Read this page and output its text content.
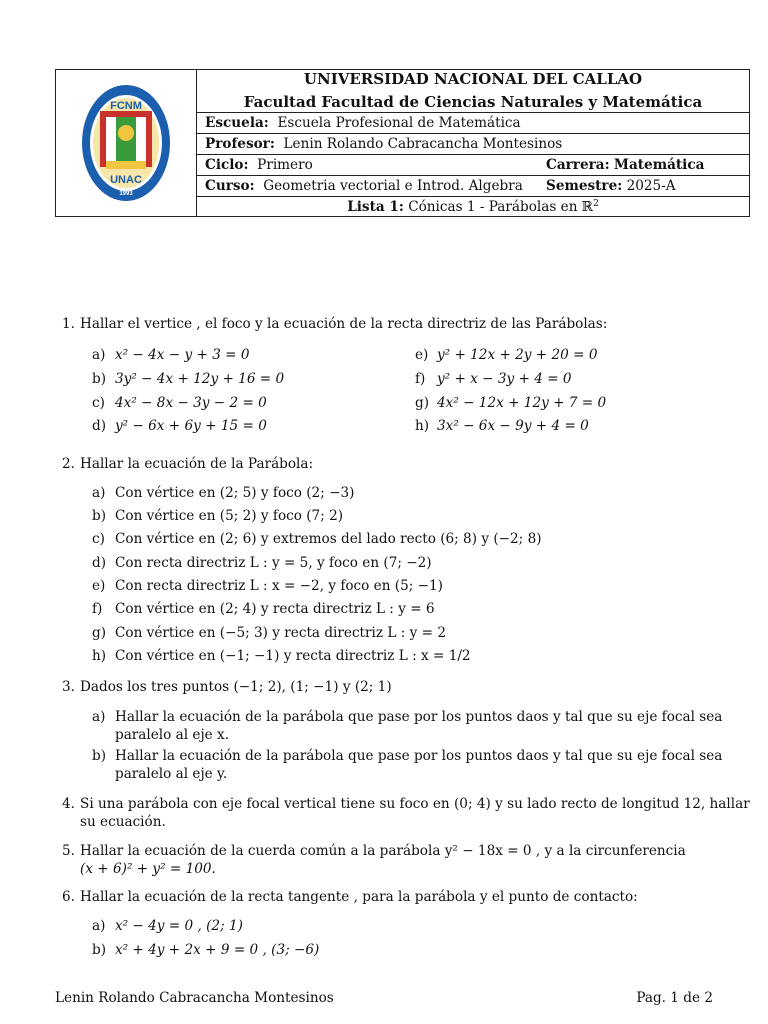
FCNM
UNAC
1993
UNIVERSIDAD NACIONAL DEL CALLAO
Facultad Facultad de Ciencias Naturales y Matemática
Escuela: Escuela Profesional de Matemática
Profesor: Lenin Rolando Cabracancha Montesinos
Ciclo: Primero	Carrera: Matemática
Curso: Geometria vectorial e Introd. Algebra Semestre: 2025-A
Lista 1: Cónicas 1 - Parábolas en ℝ$^2$
1. Hallar el vertice , el foco y la ecuación de la recta directriz de las Parábolas:
a) x² − 4x − y + 3 = 0
b) 3y² − 4x + 12y + 16 = 0
c) 4x² − 8x − 3y − 2 = 0
d) y² − 6x + 6y + 15 = 0
e) y² + 12x + 2y + 20 = 0
f) y² + x − 3y + 4 = 0
g) 4x² − 12x + 12y + 7 = 0
h) 3x² − 6x − 9y + 4 = 0
2. Hallar la ecuación de la Parábola:
a) Con vértice en (2; 5) y foco (2; −3)
b) Con vértice en (5; 2) y foco (7; 2)
c) Con vértice en (2; 6) y extremos del lado recto (6; 8) y (−2; 8)
d) Con recta directriz L : y = 5, y foco en (7; −2)
e) Con recta directriz L : x = −2, y foco en (5; −1)
f) Con vértice en (2; 4) y recta directriz L : y = 6
g) Con vértice en (−5; 3) y recta directriz L : y = 2
h) Con vértice en (−1; −1) y recta directriz L : x = 1/2
3. Dados los tres puntos (−1; 2), (1; −1) y (2; 1)
a) Hallar la ecuación de la parábola que pase por los puntos daos y tal que su eje focal sea
paralelo al eje x.
b) Hallar la ecuación de la parábola que pase por los puntos daos y tal que su eje focal sea
paralelo al eje y.
4. Si una parábola con eje focal vertical tiene su foco en (0; 4) y su lado recto de longitud 12, hallar
su ecuación.
5. Hallar la ecuación de la cuerda común a la parábola y² − 18x = 0 , y a la circunferencia
(x + 6)² + y² = 100.
6. Hallar la ecuación de la recta tangente , para la parábola y el punto de contacto:
a) x² − 4y = 0 , (2; 1)
b) x² + 4y + 2x + 9 = 0 , (3; −6)
Lenin Rolando Cabracancha Montesinos	Pag. 1 de 2
